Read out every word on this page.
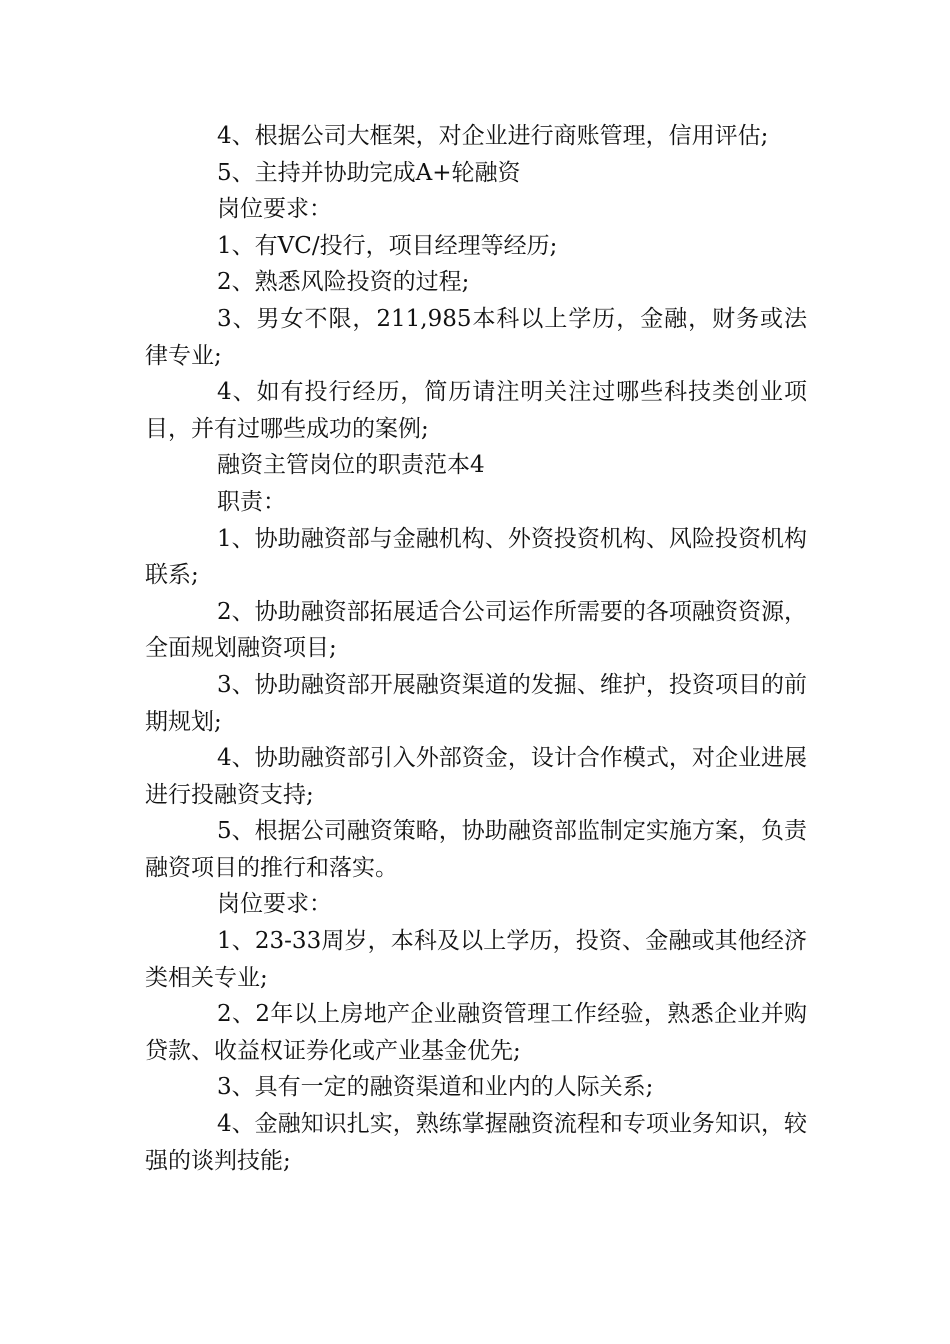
4、根据公司大框架，对企业进行商账管理，信用评估;

5、主持并协助完成A+轮融资

岗位要求：

1、有VC/投行，项目经理等经历;

2、熟悉风险投资的过程;

3、男女不限，211,985本科以上学历，金融，财务或法律专业;

4、如有投行经历，简历请注明关注过哪些科技类创业项目，并有过哪些成功的案例;

融资主管岗位的职责范本4

职责：

1、协助融资部与金融机构、外资投资机构、风险投资机构联系;

2、协助融资部拓展适合公司运作所需要的各项融资资源，全面规划融资项目;

3、协助融资部开展融资渠道的发掘、维护，投资项目的前期规划;

4、协助融资部引入外部资金，设计合作模式，对企业进展进行投融资支持;

5、根据公司融资策略，协助融资部监制定实施方案，负责融资项目的推行和落实。

岗位要求：

1、23-33周岁，本科及以上学历，投资、金融或其他经济类相关专业;

2、2年以上房地产企业融资管理工作经验，熟悉企业并购贷款、收益权证券化或产业基金优先;

3、具有一定的融资渠道和业内的人际关系;

4、金融知识扎实，熟练掌握融资流程和专项业务知识，较强的谈判技能;
